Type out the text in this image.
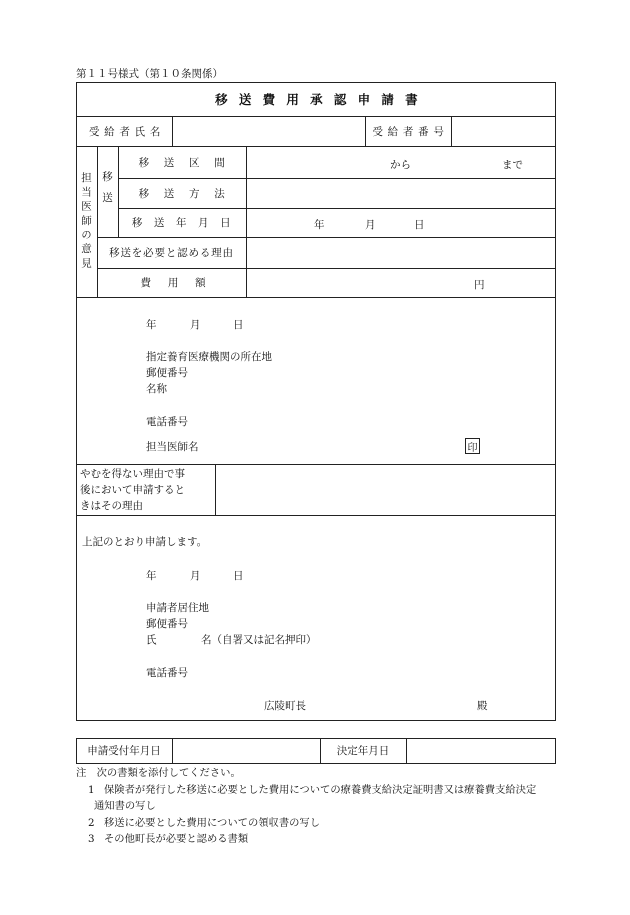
第１１号様式（第１０条関係）
移送費用承認申請書
受給者氏名	受給者番号
担当医師の意見 移送
移送区間	から	まで
移送方法
移送年月日	年	月	日
移送を必要と認める理由
費用額	円
年	月	日
指定養育医療機関の所在地
郵便番号
名称
電話番号
担当医師名	印
やむを得ない理由で事
後において申請すると
きはその理由
上記のとおり申請します。
年	月	日
申請者居住地
郵便番号
氏	名（自署又は記名押印）
電話番号
広陵町長	殿
申請受付年月日	決定年月日
注　次の書類を添付してください。
1 保険者が発行した移送に必要とした費用についての療養費支給決定証明書又は療養費支給決定
通知書の写し
2 移送に必要とした費用についての領収書の写し
3 その他町長が必要と認める書類
